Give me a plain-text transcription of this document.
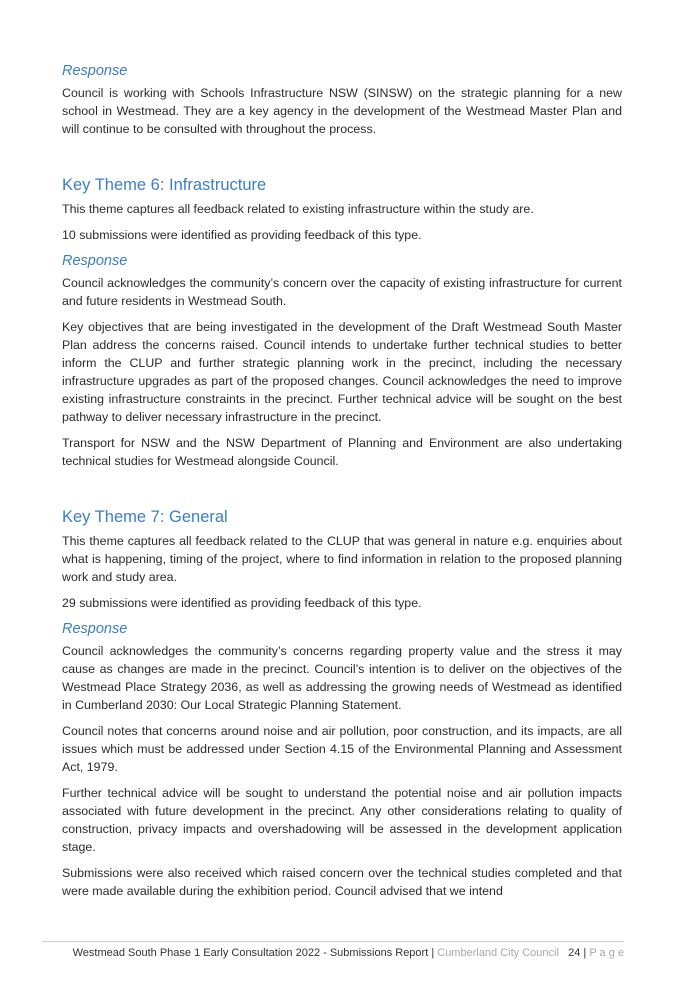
Response

Council is working with Schools Infrastructure NSW (SINSW) on the strategic planning for a new school in Westmead. They are a key agency in the development of the Westmead Master Plan and will continue to be consulted with throughout the process.

Key Theme 6: Infrastructure

This theme captures all feedback related to existing infrastructure within the study are.

10 submissions were identified as providing feedback of this type.

Response

Council acknowledges the community’s concern over the capacity of existing infrastructure for current and future residents in Westmead South.

Key objectives that are being investigated in the development of the Draft Westmead South Master Plan address the concerns raised. Council intends to undertake further technical studies to better inform the CLUP and further strategic planning work in the precinct, including the necessary infrastructure upgrades as part of the proposed changes. Council acknowledges the need to improve existing infrastructure constraints in the precinct. Further technical advice will be sought on the best pathway to deliver necessary infrastructure in the precinct.

Transport for NSW and the NSW Department of Planning and Environment are also undertaking technical studies for Westmead alongside Council.

Key Theme 7: General

This theme captures all feedback related to the CLUP that was general in nature e.g. enquiries about what is happening, timing of the project, where to find information in relation to the proposed planning work and study area.

29 submissions were identified as providing feedback of this type.

Response

Council acknowledges the community’s concerns regarding property value and the stress it may cause as changes are made in the precinct. Council’s intention is to deliver on the objectives of the Westmead Place Strategy 2036, as well as addressing the growing needs of Westmead as identified in Cumberland 2030: Our Local Strategic Planning Statement.

Council notes that concerns around noise and air pollution, poor construction, and its impacts, are all issues which must be addressed under Section 4.15 of the Environmental Planning and Assessment Act, 1979.

Further technical advice will be sought to understand the potential noise and air pollution impacts associated with future development in the precinct. Any other considerations relating to quality of construction, privacy impacts and overshadowing will be assessed in the development application stage.

Submissions were also received which raised concern over the technical studies completed and that were made available during the exhibition period. Council advised that we intend

Westmead South Phase 1 Early Consultation 2022 - Submissions Report | Cumberland City Council 24 | P a g e
